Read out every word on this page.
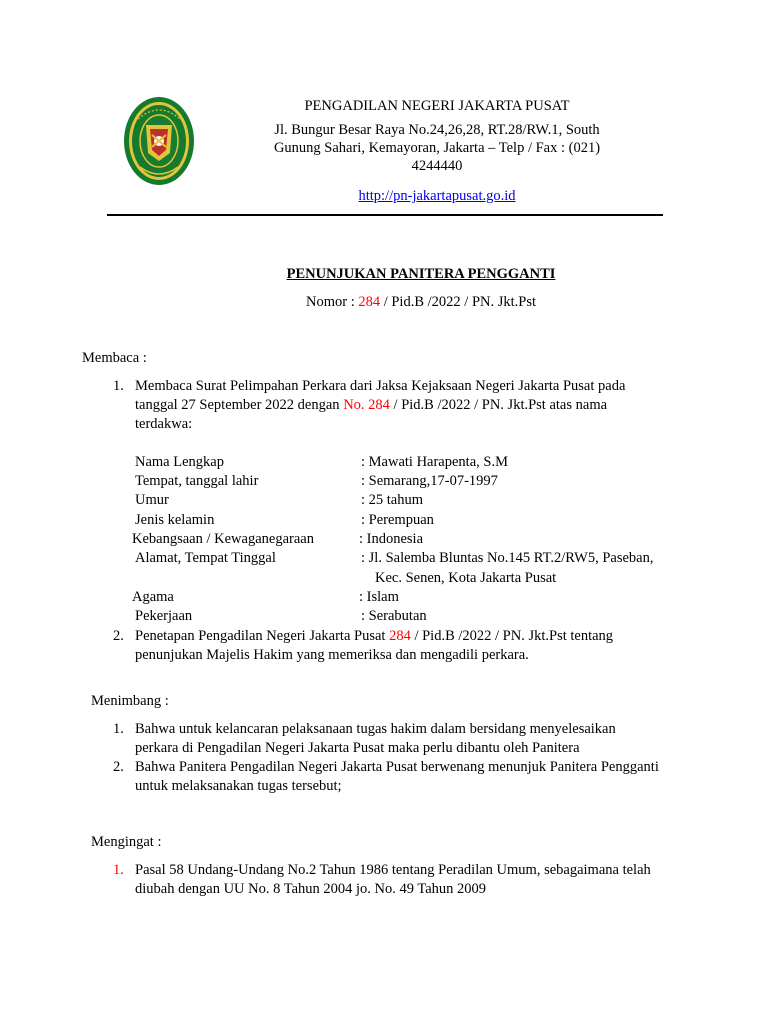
PENGADILAN NEGERI JAKARTA PUSAT
Jl. Bungur Besar Raya No.24,26,28, RT.28/RW.1, South
Gunung Sahari, Kemayoran, Jakarta – Telp / Fax : (021)
4244440
http://pn-jakartapusat.go.id
PENUNJUKAN PANITERA PENGGANTI
Nomor : 284 / Pid.B /2022 / PN. Jkt.Pst
Membaca :
1. Membaca Surat Pelimpahan Perkara dari Jaksa Kejaksaan Negeri Jakarta Pusat pada
tanggal 27 September 2022 dengan No. 284 / Pid.B /2022 / PN. Jkt.Pst atas nama
terdakwa:
Nama Lengkap	: Mawati Harapenta, S.M
Tempat, tanggal lahir	: Semarang,17-07-1997
Umur	: 25 tahum
Jenis kelamin	: Perempuan
Kebangsaan / Kewaganegaraan	: Indonesia
Alamat, Tempat Tinggal	: Jl. Salemba Bluntas No.145 RT.2/RW5, Paseban,
Kec. Senen, Kota Jakarta Pusat
Agama	: Islam
Pekerjaan	: Serabutan
2. Penetapan Pengadilan Negeri Jakarta Pusat 284 / Pid.B /2022 / PN. Jkt.Pst tentang
penunjukan Majelis Hakim yang memeriksa dan mengadili perkara.
Menimbang :
1. Bahwa untuk kelancaran pelaksanaan tugas hakim dalam bersidang menyelesaikan
perkara di Pengadilan Negeri Jakarta Pusat maka perlu dibantu oleh Panitera
2. Bahwa Panitera Pengadilan Negeri Jakarta Pusat berwenang menunjuk Panitera Pengganti
untuk melaksanakan tugas tersebut;
Mengingat :
1. Pasal 58 Undang-Undang No.2 Tahun 1986 tentang Peradilan Umum, sebagaimana telah
diubah dengan UU No. 8 Tahun 2004 jo. No. 49 Tahun 2009
